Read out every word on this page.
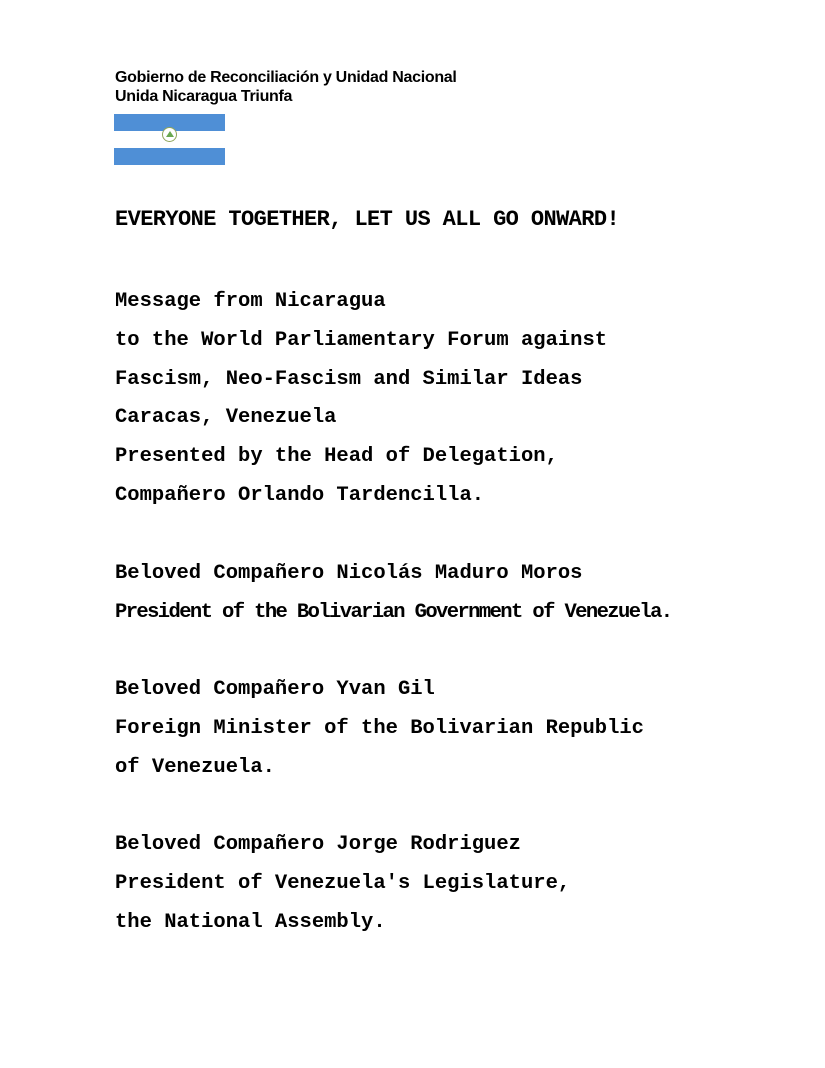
Gobierno de Reconciliación y Unidad Nacional
Unida Nicaragua Triunfa
EVERYONE TOGETHER, LET US ALL GO ONWARD!
Message from Nicaragua
to the World Parliamentary Forum against
Fascism, Neo-Fascism and Similar Ideas
Caracas, Venezuela
Presented by the Head of Delegation,
Compañero Orlando Tardencilla.
Beloved Compañero Nicolás Maduro Moros
President of the Bolivarian Government of Venezuela.
Beloved Compañero Yvan Gil
Foreign Minister of the Bolivarian Republic
of Venezuela.
Beloved Compañero Jorge Rodriguez
President of Venezuela's Legislature,
the National Assembly.
